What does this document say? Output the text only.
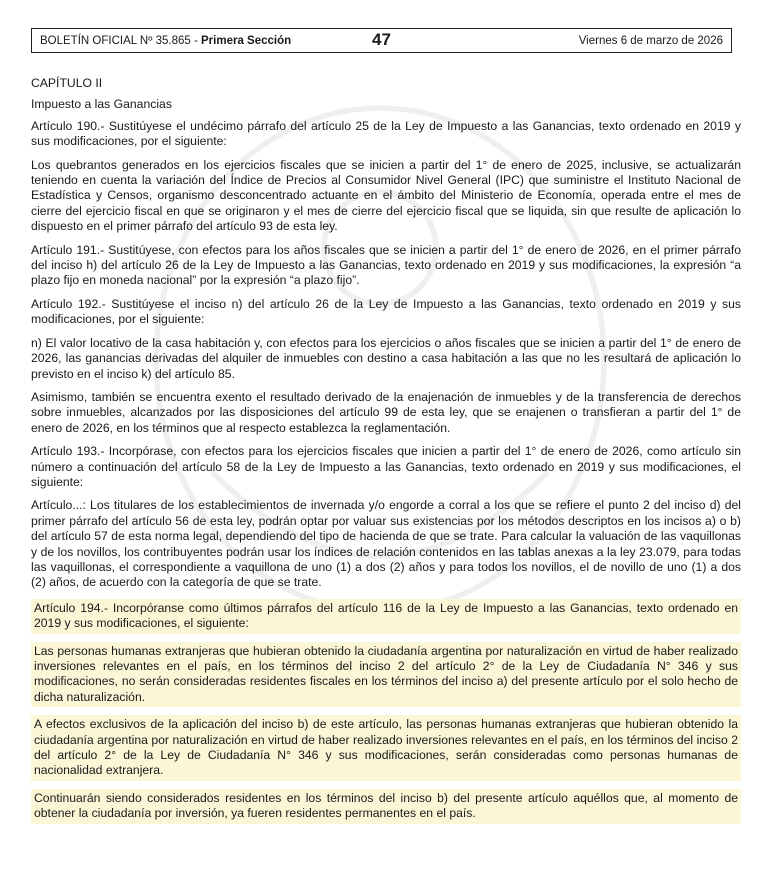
BOLETÍN OFICIAL Nº 35.865 - Primera Sección	47	Viernes 6 de marzo de 2026

CAPÍTULO II

Impuesto a las Ganancias

Artículo 190.- Sustitúyese el undécimo párrafo del artículo 25 de la Ley de Impuesto a las Ganancias, texto ordenado en 2019 y sus modificaciones, por el siguiente:

Los quebrantos generados en los ejercicios fiscales que se inicien a partir del 1° de enero de 2025, inclusive, se actualizarán teniendo en cuenta la variación del Índice de Precios al Consumidor Nivel General (IPC) que suministre el Instituto Nacional de Estadística y Censos, organismo desconcentrado actuante en el ámbito del Ministerio de Economía, operada entre el mes de cierre del ejercicio fiscal en que se originaron y el mes de cierre del ejercicio fiscal que se liquida, sin que resulte de aplicación lo dispuesto en el primer párrafo del artículo 93 de esta ley.

Artículo 191.- Sustitúyese, con efectos para los años fiscales que se inicien a partir del 1° de enero de 2026, en el primer párrafo del inciso h) del artículo 26 de la Ley de Impuesto a las Ganancias, texto ordenado en 2019 y sus modificaciones, la expresión “a plazo fijo en moneda nacional” por la expresión “a plazo fijo”.

Artículo 192.- Sustitúyese el inciso n) del artículo 26 de la Ley de Impuesto a las Ganancias, texto ordenado en 2019 y sus modificaciones, por el siguiente:

n) El valor locativo de la casa habitación y, con efectos para los ejercicios o años fiscales que se inicien a partir del 1° de enero de 2026, las ganancias derivadas del alquiler de inmuebles con destino a casa habitación a las que no les resultará de aplicación lo previsto en el inciso k) del artículo 85.

Asimismo, también se encuentra exento el resultado derivado de la enajenación de inmuebles y de la transferencia de derechos sobre inmuebles, alcanzados por las disposiciones del artículo 99 de esta ley, que se enajenen o transfieran a partir del 1° de enero de 2026, en los términos que al respecto establezca la reglamentación.

Artículo 193.- Incorpórase, con efectos para los ejercicios fiscales que inicien a partir del 1° de enero de 2026, como artículo sin número a continuación del artículo 58 de la Ley de Impuesto a las Ganancias, texto ordenado en 2019 y sus modificaciones, el siguiente:

Artículo...: Los titulares de los establecimientos de invernada y/o engorde a corral a los que se refiere el punto 2 del inciso d) del primer párrafo del artículo 56 de esta ley, podrán optar por valuar sus existencias por los métodos descriptos en los incisos a) o b) del artículo 57 de esta norma legal, dependiendo del tipo de hacienda de que se trate. Para calcular la valuación de las vaquillonas y de los novillos, los contribuyentes podrán usar los índices de relación contenidos en las tablas anexas a la ley 23.079, para todas las vaquillonas, el correspondiente a vaquillona de uno (1) a dos (2) años y para todos los novillos, el de novillo de uno (1) a dos (2) años, de acuerdo con la categoría de que se trate.

Artículo 194.- Incorpóranse como últimos párrafos del artículo 116 de la Ley de Impuesto a las Ganancias, texto ordenado en 2019 y sus modificaciones, el siguiente:

Las personas humanas extranjeras que hubieran obtenido la ciudadanía argentina por naturalización en virtud de haber realizado inversiones relevantes en el país, en los términos del inciso 2 del artículo 2° de la Ley de Ciudadanía N° 346 y sus modificaciones, no serán consideradas residentes fiscales en los términos del inciso a) del presente artículo por el solo hecho de dicha naturalización.

A efectos exclusivos de la aplicación del inciso b) de este artículo, las personas humanas extranjeras que hubieran obtenido la ciudadanía argentina por naturalización en virtud de haber realizado inversiones relevantes en el país, en los términos del inciso 2 del artículo 2° de la Ley de Ciudadanía N° 346 y sus modificaciones, serán consideradas como personas humanas de nacionalidad extranjera.

Continuarán siendo considerados residentes en los términos del inciso b) del presente artículo aquéllos que, al momento de obtener la ciudadanía por inversión, ya fueren residentes permanentes en el país.
